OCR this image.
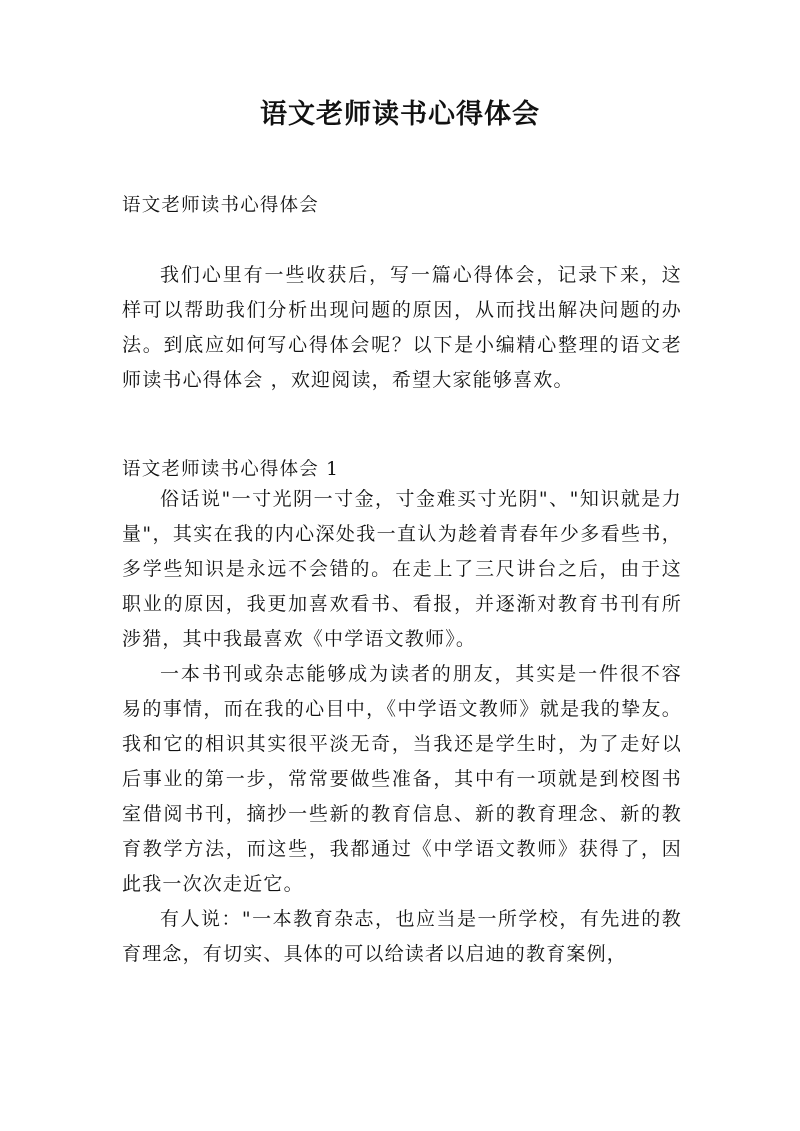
语文老师读书心得体会
语文老师读书心得体会
我们心里有一些收获后，写一篇心得体会，记录下来，这样可以帮助我们分析出现问题的原因，从而找出解决问题的办法。到底应如何写心得体会呢？以下是小编精心整理的语文老师读书心得体会 ，欢迎阅读，希望大家能够喜欢。
语文老师读书心得体会 1

俗话说"一寸光阴一寸金，寸金难买寸光阴"、"知识就是力量"，其实在我的内心深处我一直认为趁着青春年少多看些书，多学些知识是永远不会错的。在走上了三尺讲台之后，由于这职业的原因，我更加喜欢看书、看报，并逐渐对教育书刊有所涉猎，其中我最喜欢《中学语文教师》。

一本书刊或杂志能够成为读者的朋友，其实是一件很不容易的事情，而在我的心目中，《中学语文教师》就是我的挚友。我和它的相识其实很平淡无奇，当我还是学生时，为了走好以后事业的第一步，常常要做些准备，其中有一项就是到校图书室借阅书刊，摘抄一些新的教育信息、新的教育理念、新的教育教学方法，而这些，我都通过《中学语文教师》获得了，因此我一次次走近它。

有人说："一本教育杂志，也应当是一所学校，有先进的教育理念，有切实、具体的可以给读者以启迪的教育案例，
